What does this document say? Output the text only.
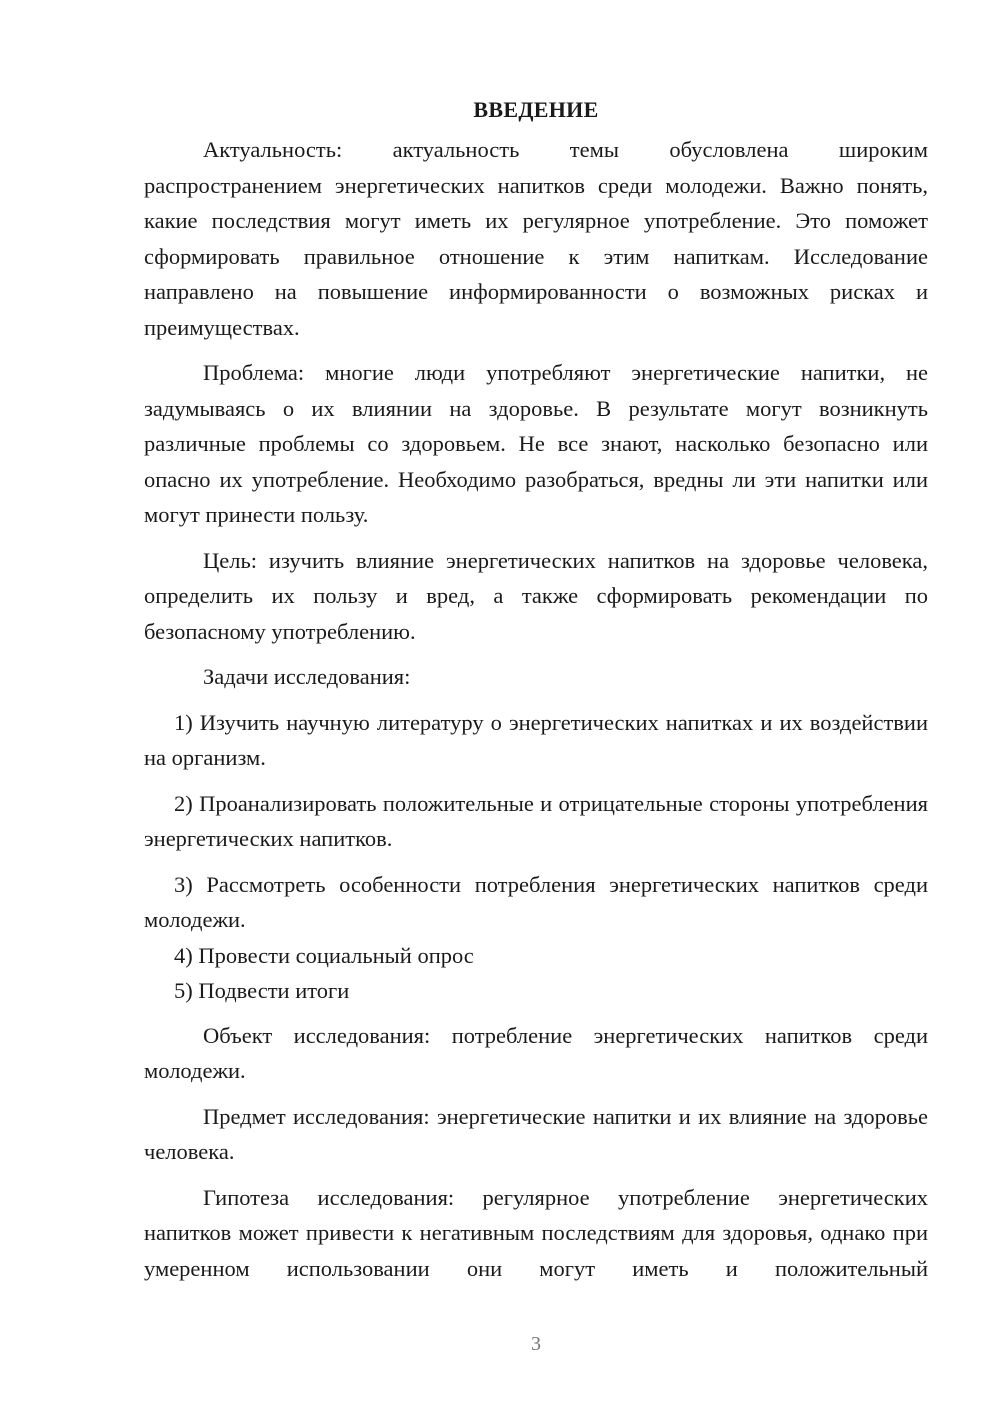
ВВЕДЕНИЕ

Актуальность: актуальность темы обусловлена широким распространением энергетических напитков среди молодежи. Важно понять, какие последствия могут иметь их регулярное употребление. Это поможет сформировать правильное отношение к этим напиткам. Исследование направлено на повышение информированности о возможных рисках и преимуществах.

Проблема: многие люди употребляют энергетические напитки, не задумываясь о их влиянии на здоровье. В результате могут возникнуть различные проблемы со здоровьем. Не все знают, насколько безопасно или опасно их употребление. Необходимо разобраться, вредны ли эти напитки или могут принести пользу.

Цель: изучить влияние энергетических напитков на здоровье человека, определить их пользу и вред, а также сформировать рекомендации по безопасному употреблению.

Задачи исследования:

1) Изучить научную литературу о энергетических напитках и их воздействии на организм.

2) Проанализировать положительные и отрицательные стороны употребления энергетических напитков.

3) Рассмотреть особенности потребления энергетических напитков среди молодежи.

4) Провести социальный опрос

5) Подвести итоги

Объект исследования: потребление энергетических напитков среди молодежи.

Предмет исследования: энергетические напитки и их влияние на здоровье человека.

Гипотеза исследования: регулярное употребление энергетических напитков может привести к негативным последствиям для здоровья, однако при умеренном использовании они могут иметь и положительный

3
